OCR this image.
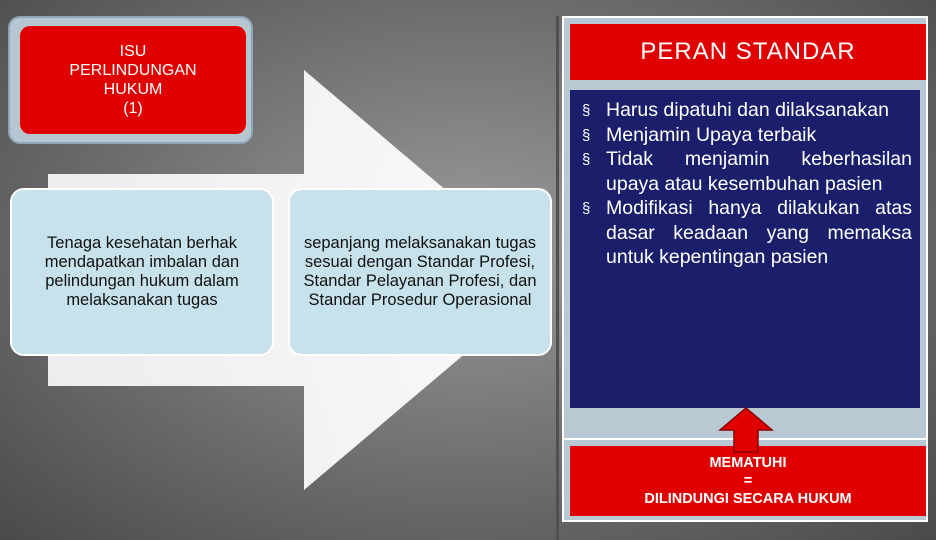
ISU
PERLINDUNGAN
HUKUM
(1)
Tenaga kesehatan berhak mendapatkan imbalan dan pelindungan hukum dalam melaksanakan tugas
sepanjang melaksanakan tugas sesuai dengan Standar Profesi, Standar Pelayanan Profesi, dan Standar Prosedur Operasional
PERAN STANDAR
§ Harus dipatuhi dan dilaksanakan
§ Menjamin Upaya terbaik
§ Tidak menjamin keberhasilan upaya atau kesembuhan pasien
§ Modifikasi hanya dilakukan atas dasar keadaan yang memaksa untuk kepentingan pasien
MEMATUHI
=
DILINDUNGI SECARA HUKUM
